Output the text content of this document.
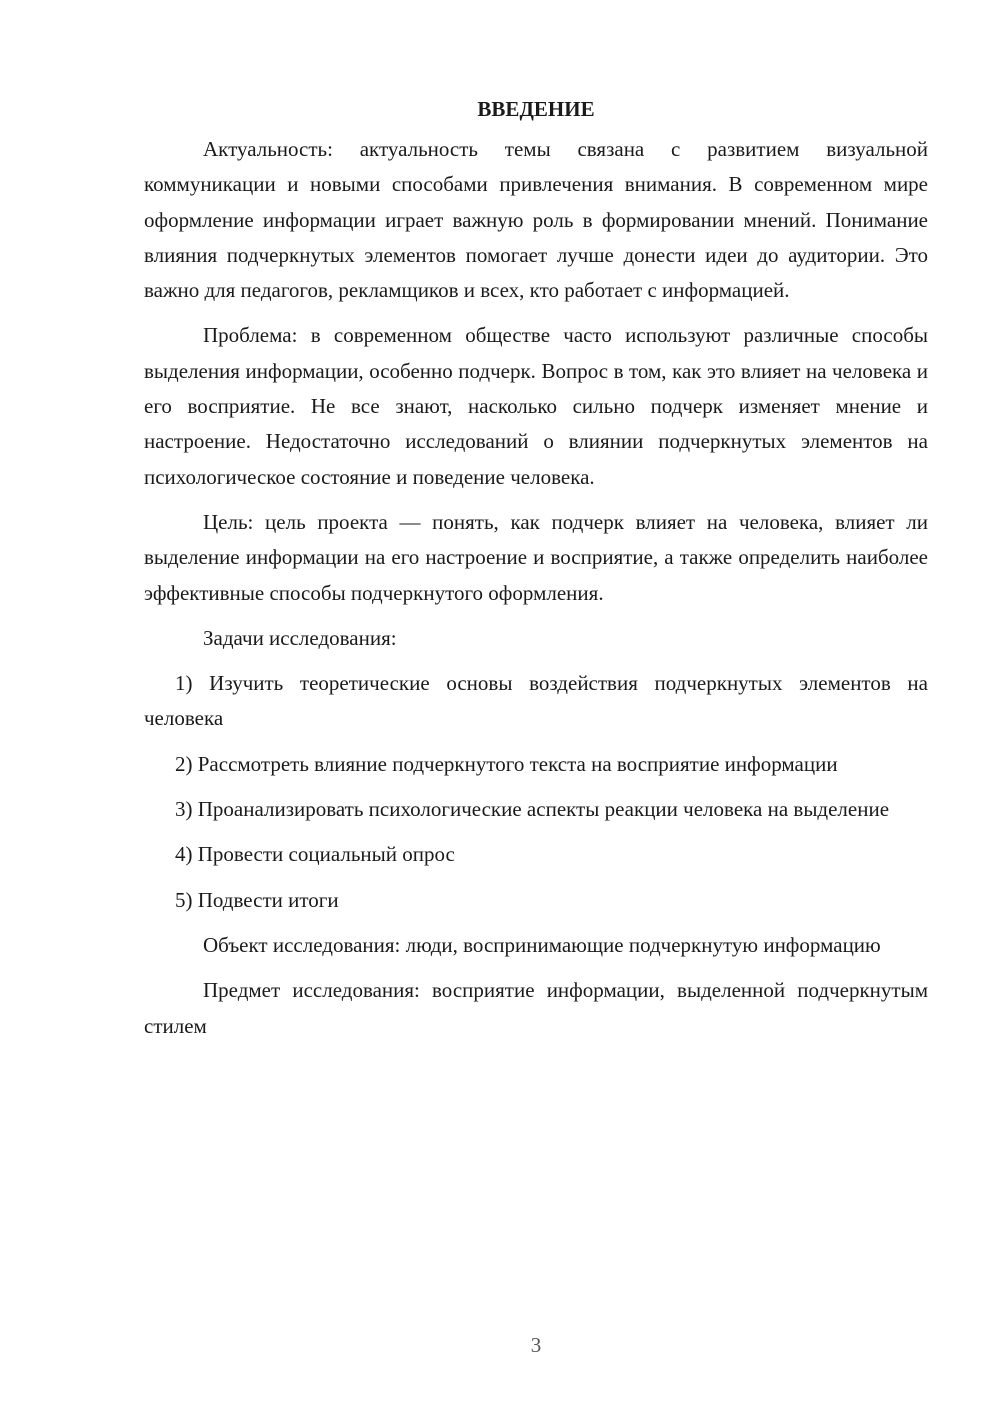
ВВЕДЕНИЕ

Актуальность: актуальность темы связана с развитием визуальной коммуникации и новыми способами привлечения внимания. В современном мире оформление информации играет важную роль в формировании мнений. Понимание влияния подчеркнутых элементов помогает лучше донести идеи до аудитории. Это важно для педагогов, рекламщиков и всех, кто работает с информацией.

Проблема: в современном обществе часто используют различные способы выделения информации, особенно подчерк. Вопрос в том, как это влияет на человека и его восприятие. Не все знают, насколько сильно подчерк изменяет мнение и настроение. Недостаточно исследований о влиянии подчеркнутых элементов на психологическое состояние и поведение человека.

Цель: цель проекта — понять, как подчерк влияет на человека, влияет ли выделение информации на его настроение и восприятие, а также определить наиболее эффективные способы подчеркнутого оформления.

Задачи исследования:

1) Изучить теоретические основы воздействия подчеркнутых элементов на человека

2) Рассмотреть влияние подчеркнутого текста на восприятие информации

3) Проанализировать психологические аспекты реакции человека на выделение

4) Провести социальный опрос

5) Подвести итоги

Объект исследования: люди, воспринимающие подчеркнутую информацию

Предмет исследования: восприятие информации, выделенной подчеркнутым стилем

3
